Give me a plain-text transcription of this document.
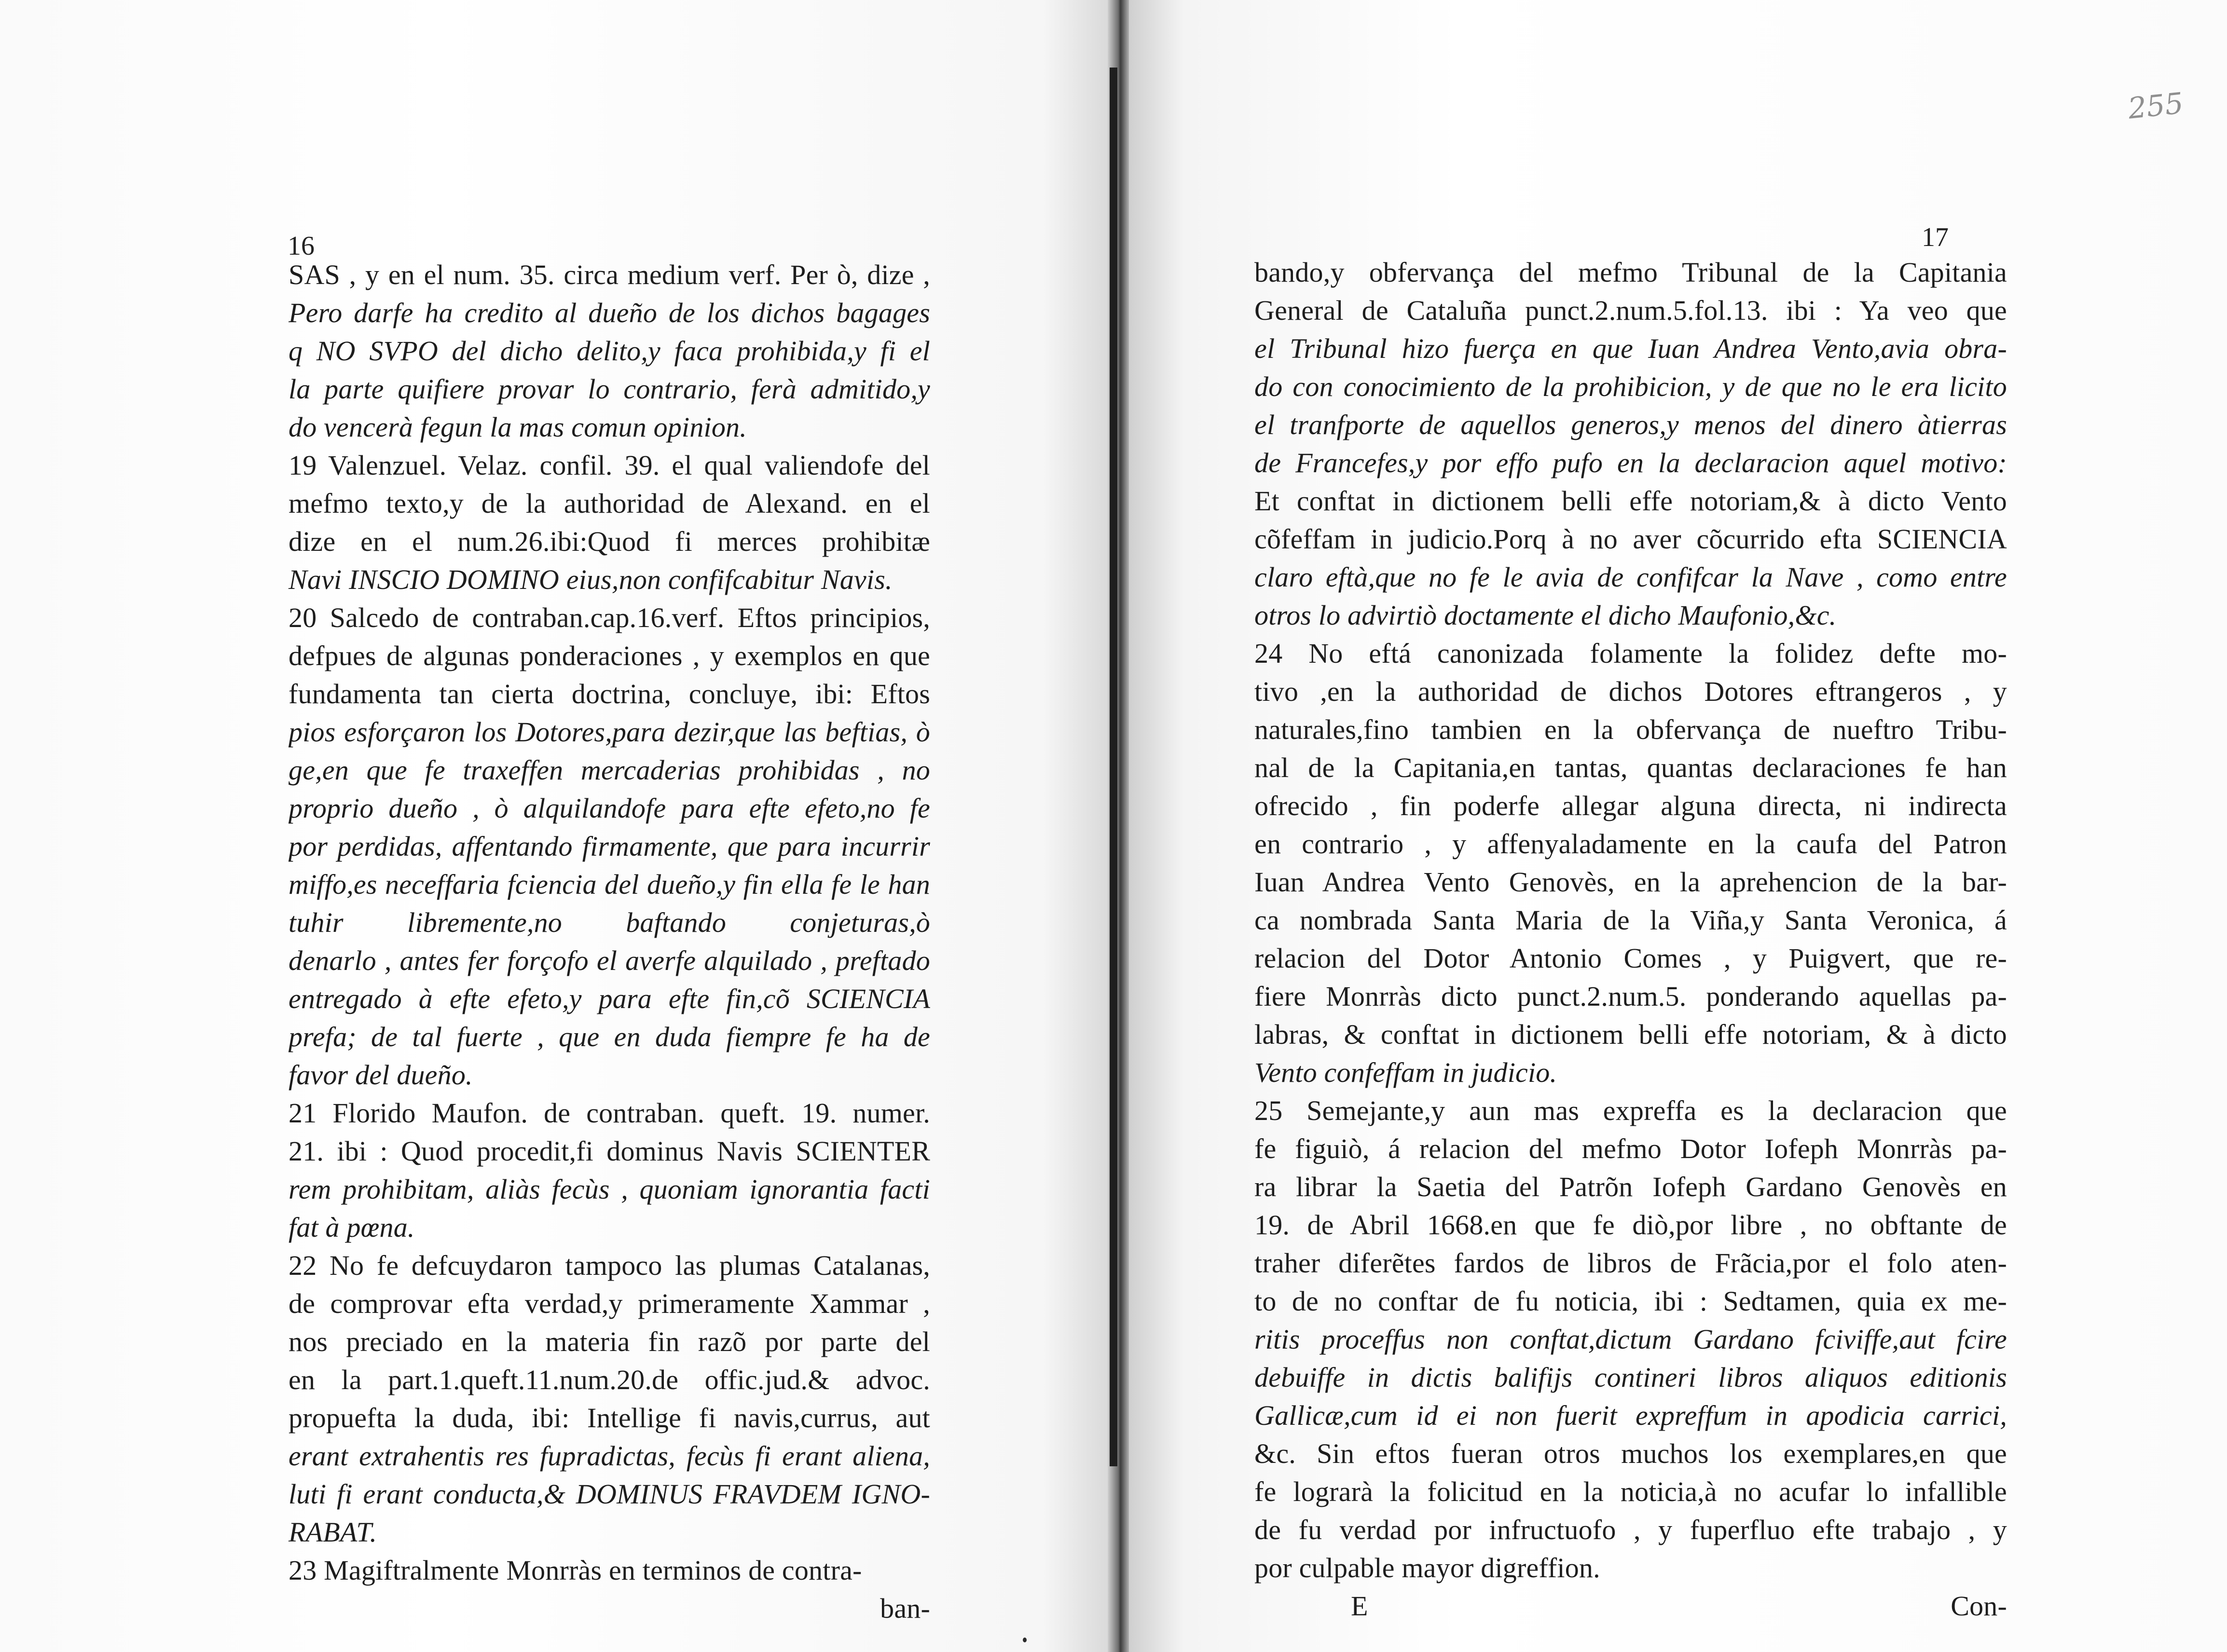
16
SAS , y en el num. 35. circa medium verf. Per ò, dize ,
Pero darfe ha credito al dueño de los dichos bagages
q NO SVPO del dicho delito,y faca prohibida,y fi el
la parte quifiere provar lo contrario, ferà admitido,y
do vencerà fegun la mas comun opinion.
19 Valenzuel. Velaz. confil. 39. el qual valiendofe del
mefmo texto,y de la authoridad de Alexand. en el
dize en el num.26.ibi:Quod fi merces prohibitæ
Navi INSCIO DOMINO eius,non confifcabitur Navis.
20 Salcedo de contraban.cap.16.verf. Eftos principios,
defpues de algunas ponderaciones , y exemplos en que
fundamenta tan cierta doctrina, concluye, ibi: Eftos
pios esforçaron los Dotores,para dezir,que las beftias, ò
ge,en que fe traxeffen mercaderias prohibidas , no
proprio dueño , ò alquilandofe para efte efeto,no fe
por perdidas, affentando firmamente, que para incurrir
miffo,es neceffaria fciencia del dueño,y fin ella fe le han
tuhir libremente,no baftando conjeturas,ò
denarlo , antes fer forçofo el averfe alquilado , preftado
entregado à efte efeto,y para efte fin,cõ SCIENCIA
prefa; de tal fuerte , que en duda fiempre fe ha de
favor del dueño.
21 Florido Maufon. de contraban. queft. 19. numer.
21. ibi : Quod procedit,fi dominus Navis SCIENTER
rem prohibitam, aliàs fecùs , quoniam ignorantia facti
fat à pœna.
22 No fe defcuydaron tampoco las plumas Catalanas,
de comprovar efta verdad,y primeramente Xammar ,
nos preciado en la materia fin razõ por parte del
en la part.1.queft.11.num.20.de offic.jud.& advoc.
propuefta la duda, ibi: Intellige fi navis,currus, aut
erant extrahentis res fupradictas, fecùs fi erant aliena,
luti fi erant conducta,& DOMINUS FRAVDEM IGNO-
RABAT.
23 Magiftralmente Monrràs en terminos de contra-
ban-
255
17
bando,y obfervança del mefmo Tribunal de la Capitania
General de Cataluña punct.2.num.5.fol.13. ibi : Ya veo que
el Tribunal hizo fuerça en que Iuan Andrea Vento,avia obra-
do con conocimiento de la prohibicion, y de que no le era licito
el tranfporte de aquellos generos,y menos del dinero àtierras
de Francefes,y por effo pufo en la declaracion aquel motivo:
Et conftat in dictionem belli effe notoriam,& à dicto Vento
cõfeffam in judicio.Porq à no aver cõcurrido efta SCIENCIA
claro eftà,que no fe le avia de confifcar la Nave , como entre
otros lo advirtiò doctamente el dicho Maufonio,&c.
24 No eftá canonizada folamente la folidez defte mo-
tivo ,en la authoridad de dichos Dotores eftrangeros , y
naturales,fino tambien en la obfervança de nueftro Tribu-
nal de la Capitania,en tantas, quantas declaraciones fe han
ofrecido , fin poderfe allegar alguna directa, ni indirecta
en contrario , y affenyaladamente en la caufa del Patron
Iuan Andrea Vento Genovès, en la aprehencion de la bar-
ca nombrada Santa Maria de la Viña,y Santa Veronica, á
relacion del Dotor Antonio Comes , y Puigvert, que re-
fiere Monrràs dicto punct.2.num.5. ponderando aquellas pa-
labras, & conftat in dictionem belli effe notoriam, & à dicto
Vento confeffam in judicio.
25 Semejante,y aun mas expreffa es la declaracion que
fe figuiò, á relacion del mefmo Dotor Iofeph Monrràs pa-
ra librar la Saetia del Patrõn Iofeph Gardano Genovès en
19. de Abril 1668.en que fe diò,por libre , no obftante de
traher diferẽtes fardos de libros de Frãcia,por el folo aten-
to de no conftar de fu noticia, ibi : Sedtamen, quia ex me-
ritis proceffus non conftat,dictum Gardano fciviffe,aut fcire
debuiffe in dictis balifijs contineri libros aliquos editionis
Gallicæ,cum id ei non fuerit expreffum in apodicia carrici,
&c. Sin eftos fueran otros muchos los exemplares,en que
fe lograrà la folicitud en la noticia,à no acufar lo infallible
de fu verdad por infructuofo , y fuperfluo efte trabajo , y
por culpable mayor digreffion.
E	Con-
